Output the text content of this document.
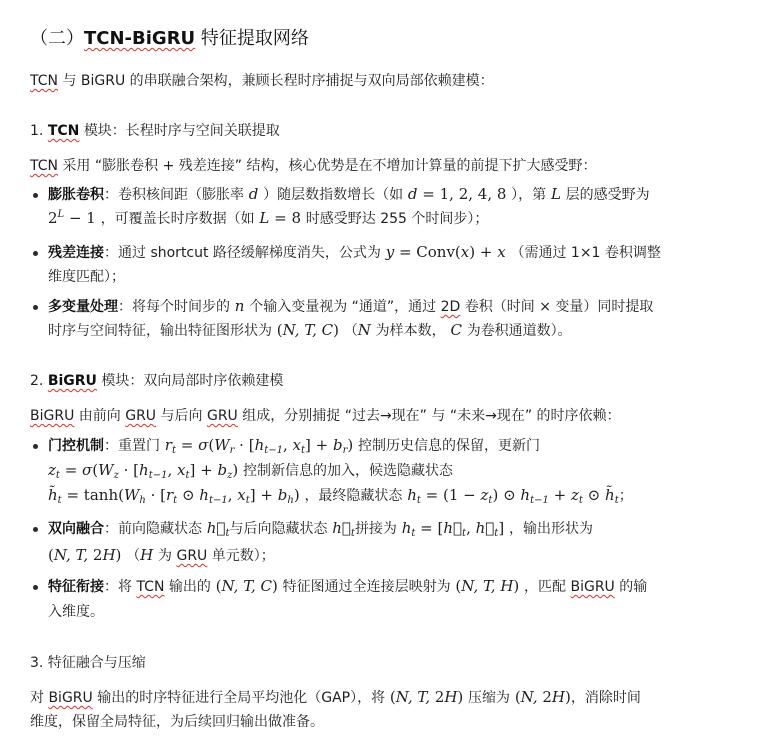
（二）TCN-BiGRU 特征提取网络
TCN 与 BiGRU 的串联融合架构，兼顾长程时序捕捉与双向局部依赖建模：
1. TCN 模块：长程时序与空间关联提取
TCN 采用 “膨胀卷积 + 残差连接” 结构，核心优势是在不增加计算量的前提下扩大感受野：
膨胀卷积：卷积核间距（膨胀率 d ）随层数指数增长（如 d = 1, 2, 4, 8 ），第 L 层的感受野为
$2^L - 1$ ，可覆盖长时序数据（如 L = 8 时感受野达 255 个时间步）；
残差连接：通过 shortcut 路径缓解梯度消失，公式为 y = Conv(x) + x （需通过 1×1 卷积调整
维度匹配）；
多变量处理：将每个时间步的 n 个输入变量视为 “通道”，通过 2D 卷积（时间 × 变量）同时提取
时序与空间特征，输出特征图形状为 (N, T, C) （N 为样本数， C 为卷积通道数）。
2. BiGRU 模块：双向局部时序依赖建模
BiGRU 由前向 GRU 与后向 GRU 组成，分别捕捉 “过去→现在” 与 “未来→现在” 的时序依赖：
门控机制：重置门 $r_t = \sigma(W_r \cdot [h_{t-1}$, $x_t] + b_r$) 控制历史信息的保留，更新门
$z_t = \sigma(W_z \cdot [h_{t-1}$, $x_t] + b_z$) 控制新信息的加入，候选隐藏状态
$h̃_t = \tanh(W_h \cdot [r_t$ ⊙ $h_{t-1}$, $x_t] + b_h$) ，最终隐藏状态 $h_t = (1 - z_t)$ ⊙ $h_{t-1} + z_t$ ⊙ $h̃_t$；
双向融合：前向隐藏状态 $h⃗_t$与后向隐藏状态 $h⃖_t$拼接为 $h_t$ = [$h⃗_t$, $h⃖_t$] ，输出形状为
(N, T, 2H) （H 为 GRU 单元数）；
特征衔接：将 TCN 输出的 (N, T, C) 特征图通过全连接层映射为 (N, T, H) ，匹配 BiGRU 的输
入维度。
3. 特征融合与压缩
对 BiGRU 输出的时序特征进行全局平均池化（GAP），将 (N, T, 2H) 压缩为 (N, 2H)，消除时间
维度，保留全局特征，为后续回归输出做准备。
